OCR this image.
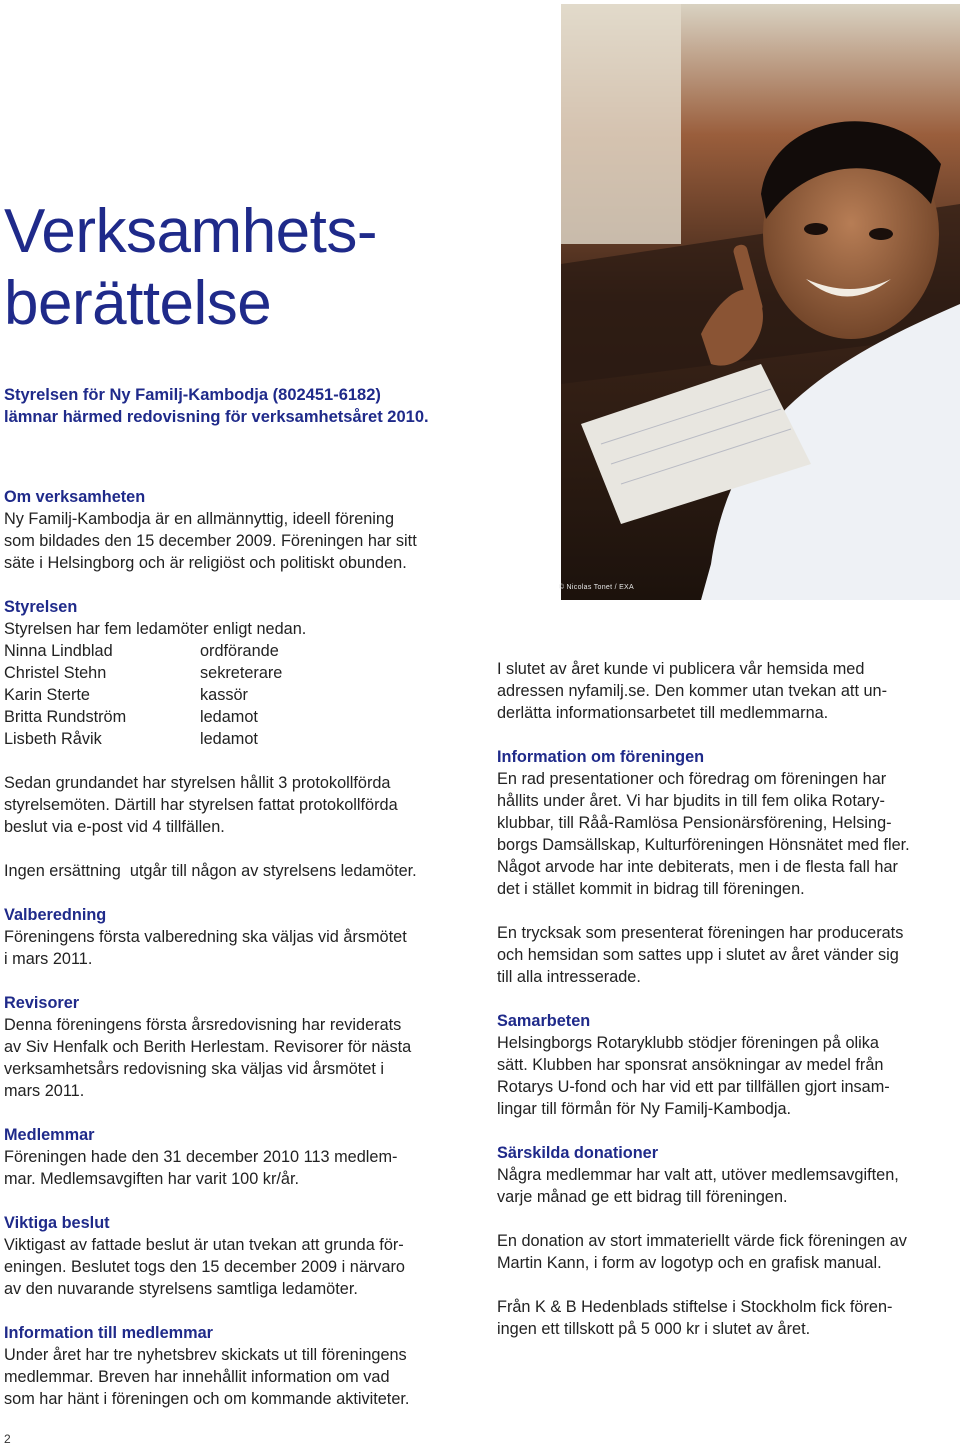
Verksamhets-
berättelse
Styrelsen för Ny Familj-Kambodja (802451-6182)
lämnar härmed redovisning för verksamhetsåret 2010.
© Nicolas Tonet / EXA
Om verksamheten
Ny Familj-Kambodja är en allmännyttig, ideell förening
som bildades den 15 december 2009. Föreningen har sitt
säte i Helsingborg och är religiöst och politiskt obunden.
Styrelsen
Styrelsen har fem ledamöter enligt nedan.
Ninna Lindblad	ordförande
Christel Stehn	sekreterare
Karin Sterte	kassör
Britta Rundström	ledamot
Lisbeth Råvik	ledamot
Sedan grundandet har styrelsen hållit 3 protokollförda
styrelsemöten. Därtill har styrelsen fattat protokollförda
beslut via e-post vid 4 tillfällen.
Ingen ersättning  utgår till någon av styrelsens ledamöter.
Valberedning
Föreningens första valberedning ska väljas vid årsmötet
i mars 2011.
Revisorer
Denna föreningens första årsredovisning har reviderats
av Siv Henfalk och Berith Herlestam. Revisorer för nästa
verksamhetsårs redovisning ska väljas vid årsmötet i
mars 2011.
Medlemmar
Föreningen hade den 31 december 2010 113 medlem-
mar. Medlemsavgiften har varit 100 kr/år.
Viktiga beslut
Viktigast av fattade beslut är utan tvekan att grunda för-
eningen. Beslutet togs den 15 december 2009 i närvaro
av den nuvarande styrelsens samtliga ledamöter.
Information till medlemmar
Under året har tre nyhetsbrev skickats ut till föreningens
medlemmar. Breven har innehållit information om vad
som har hänt i föreningen och om kommande aktiviteter.
I slutet av året kunde vi publicera vår hemsida med
adressen nyfamilj.se. Den kommer utan tvekan att un-
derlätta informationsarbetet till medlemmarna.
Information om föreningen
En rad presentationer och föredrag om föreningen har
hållits under året. Vi har bjudits in till fem olika Rotary-
klubbar, till Råå-Ramlösa Pensionärsförening, Helsing-
borgs Damsällskap, Kulturföreningen Hönsnätet med fler.
Något arvode har inte debiterats, men i de flesta fall har
det i stället kommit in bidrag till föreningen.
En trycksak som presenterat föreningen har producerats
och hemsidan som sattes upp i slutet av året vänder sig
till alla intresserade.
Samarbeten
Helsingborgs Rotaryklubb stödjer föreningen på olika
sätt. Klubben har sponsrat ansökningar av medel från
Rotarys U-fond och har vid ett par tillfällen gjort insam-
lingar till förmån för Ny Familj-Kambodja.
Särskilda donationer
Några medlemmar har valt att, utöver medlemsavgiften,
varje månad ge ett bidrag till föreningen.
En donation av stort immateriellt värde fick föreningen av
Martin Kann, i form av logotyp och en grafisk manual.
Från K & B Hedenblads stiftelse i Stockholm fick fören-
ingen ett tillskott på 5 000 kr i slutet av året.
2
